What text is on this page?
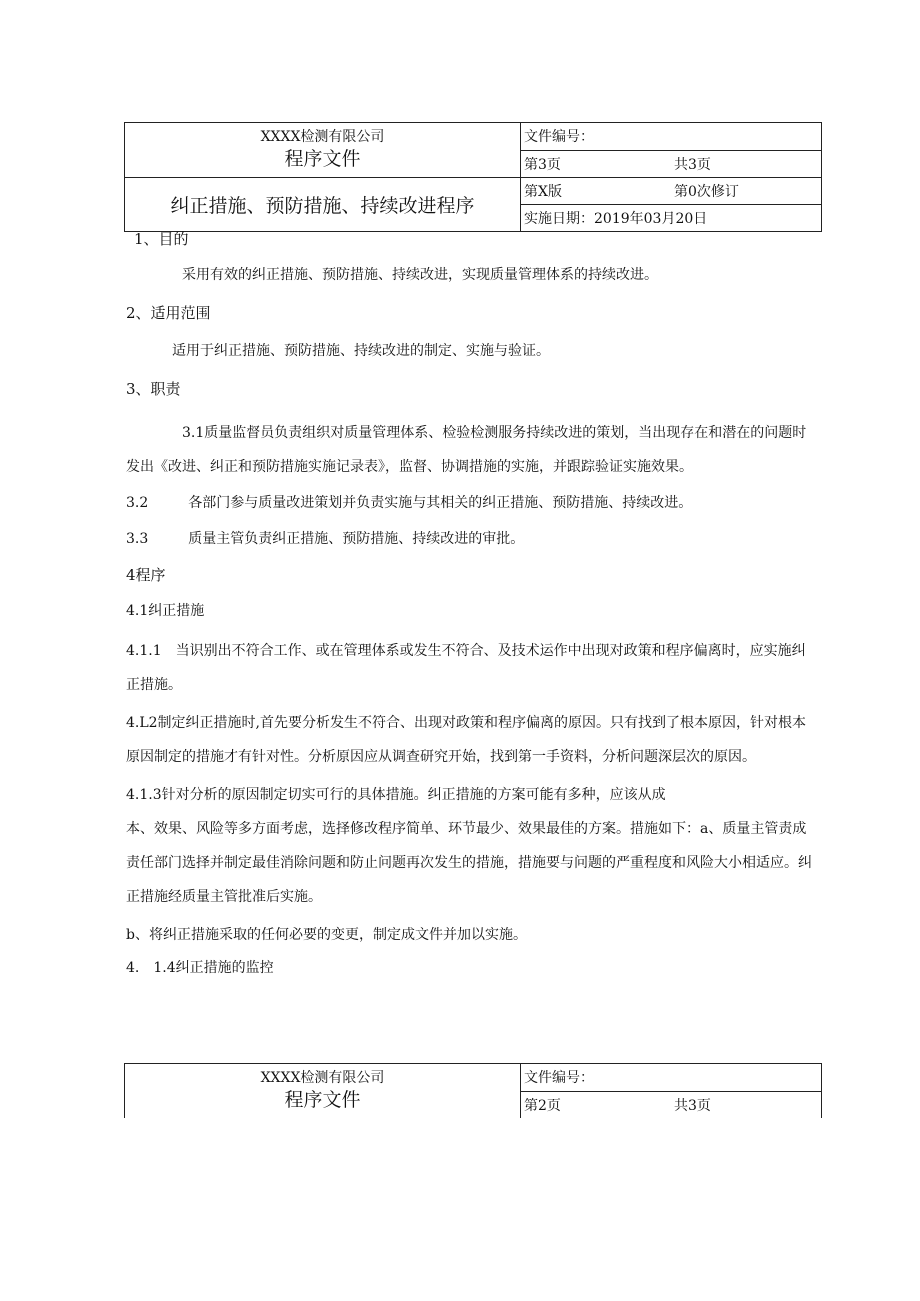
XXXX检测有限公司
程序文件	文件编号：
	第3页 共3页
纠正措施、预防措施、持续改进程序	第X版 第0次修订
	实施日期：2019年03月20日

1、目的

采用有效的纠正措施、预防措施、持续改进，实现质量管理体系的持续改进。

2、适用范围

适用于纠正措施、预防措施、持续改进的制定、实施与验证。

3、职责

3.1质量监督员负责组织对质量管理体系、检验检测服务持续改进的策划，当出现存在和潜在的问题时发出《改进、纠正和预防措施实施记录表》，监督、协调措施的实施，并跟踪验证实施效果。

3.2	各部门参与质量改进策划并负责实施与其相关的纠正措施、预防措施、持续改进。

3.3	质量主管负责纠正措施、预防措施、持续改进的审批。

4程序

4.1纠正措施

4.1.1　当识别出不符合工作、或在管理体系或发生不符合、及技术运作中出现对政策和程序偏离时，应实施纠正措施。

4.L2制定纠正措施时,首先要分析发生不符合、出现对政策和程序偏离的原因。只有找到了根本原因，针对根本原因制定的措施才有针对性。分析原因应从调查研究开始，找到第一手资料，分析问题深层次的原因。

4.1.3针对分析的原因制定切实可行的具体措施。纠正措施的方案可能有多种，应该从成

本、效果、风险等多方面考虑，选择修改程序简单、环节最少、效果最佳的方案。措施如下：a、质量主管责成责任部门选择并制定最佳消除问题和防止问题再次发生的措施，措施要与问题的严重程度和风险大小相适应。纠正措施经质量主管批准后实施。

b、将纠正措施采取的任何必要的变更，制定成文件并加以实施。

4.　1.4纠正措施的监控

XXXX检测有限公司
程序文件
	文件编号：
第2页	共3页
